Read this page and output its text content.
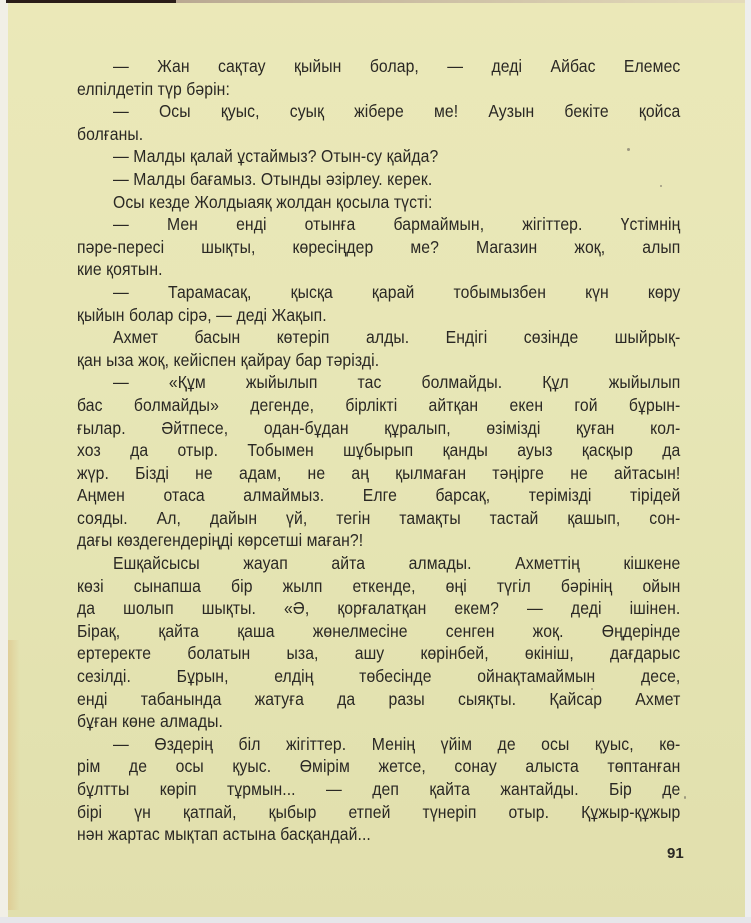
— Жан сақтау қыйын болар, — деді Айбас Елемес
елпілдетіп түр бәрін:
— Осы қуыс, суық жібере ме! Аузын бекіте қойса
болғаны.
— Малды қалай ұстаймыз? Отын-су қайда?
— Малды бағамыз. Отынды әзірлеу. керек.
Осы кезде Жолдыаяқ жолдан қосыла түсті:
— Мен енді отынға бармаймын, жігіттер. Үстімнің
пәре-пересі шықты, көресіңдер ме? Магазин жоқ, алып
кие қоятын.
— Тарамасақ, қысқа қарай тобымызбен күн көру
қыйын болар сірә, — деді Жақып.
Ахмет басын көтеріп алды. Ендігі сөзінде шыйрық-
қан ыза жоқ, кейіспен қайрау бар тәрізді.
— «Құм жыйылып тас болмайды. Құл жыйылып
бас болмайды» дегенде, бірлікті айтқан екен гой бұрын-
ғылар. Әйтпесе, одан-бұдан құралып, өзімізді қуған кол-
хоз да отыр. Тобымен шұбырып қанды ауыз қасқыр да
жүр. Бізді не адам, не аң қылмаған тәңірге не айтасын!
Аңмен отаса алмаймыз. Елге барсақ, терімізді тірідей
сояды. Ал, дайын үй, тегін тамақты тастай қашып, сон-
дағы көздегендеріңді көрсетші маған?!
Ешқайсысы жауап айта алмады. Ахметтің кішкене
көзі сынапша бір жылп еткенде, өңі түгіл бәрінің ойын
да шолып шықты. «Ә, қорғалатқан екем? — деді ішінен.
Бірақ, қайта қаша жөнелмесіне сенген жоқ. Өңдерінде
ертеректе болатын ыза, ашу көрінбей, өкініш, дағдарыс
сезілді. Бұрын, елдің төбесінде ойнақтамаймын десе,
енді табанында жатуға да разы сыяқты. Қайсар Ахмет
бұған көне алмады.
— Өздерің біл жігіттер. Менің үйім де осы қуыс, кө-
рім де осы қуыс. Өмірім жетсе, сонау алыста төптанған
бұлтты көріп тұрмын... — деп қайта жантайды. Бір де
бірі үн қатпай, қыбыр етпей түнеріп отыр. Құжыр-құжыр
нән жартас мықтап астына басқандай...
91
